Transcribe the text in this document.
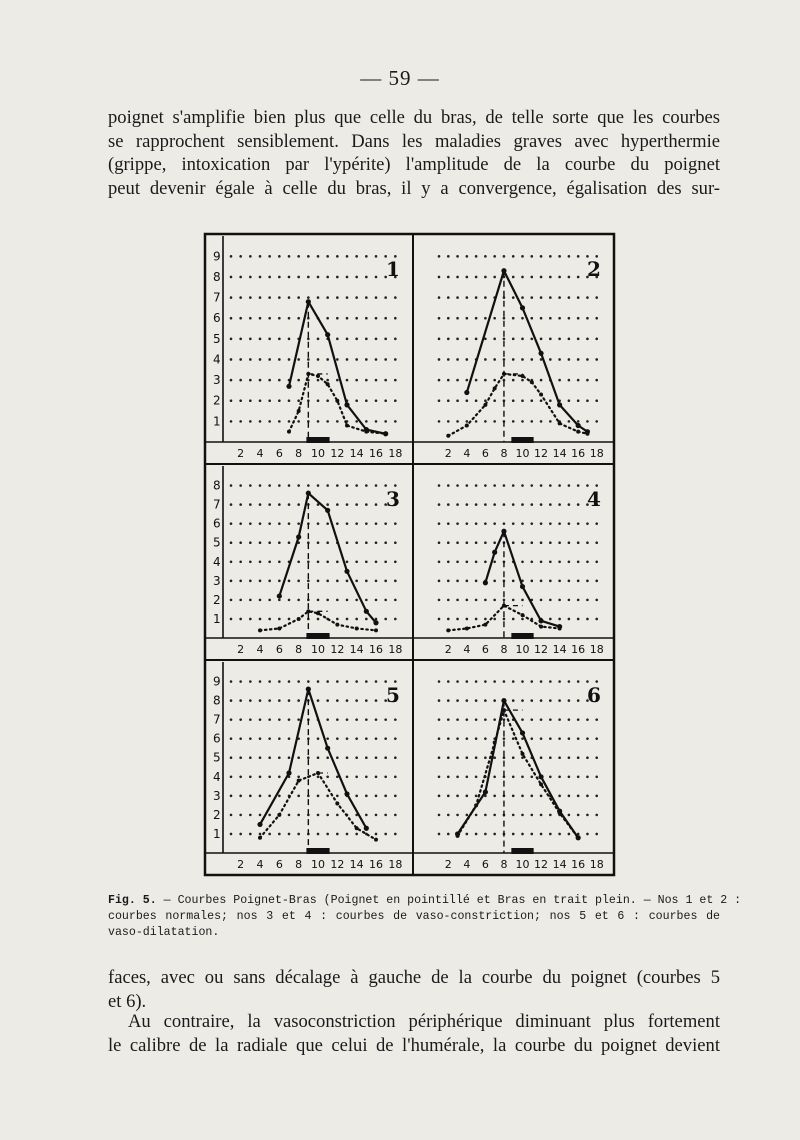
— 59 —
poignet s'amplifie bien plus que celle du bras, de telle sorte que les courbes
se rapprochent sensiblement. Dans les maladies graves avec hyperthermie
(grippe, intoxication par l'ypérite) l'amplitude de la courbe du poignet
peut devenir égale à celle du bras, il y a convergence, égalisation des sur-
2 4 6 8 10 12 14 16 18
9
8
7
6
5
4
3
2
1
1
2 4 6 8 10 12 14 16 18
2
2 4 6 8 10 12 14 16 18
8
7
6
5
4
3
2
1
3
2 4 6 8 10 12 14 16 18
4
2 4 6 8 10 12 14 16 18
9
8
7
6
5
4
3
2
1
5
2 4 6 8 10 12 14 16 18
6
Fig. 5. — Courbes Poignet-Bras (Poignet en pointillé et Bras en trait plein. — Nos 1 et 2 :
courbes normales; nos 3 et 4 : courbes de vaso-constriction; nos 5 et 6 : courbes de
vaso-dilatation.
faces, avec ou sans décalage à gauche de la courbe du poignet (courbes 5
et 6).
Au contraire, la vasoconstriction périphérique diminuant plus fortement
le calibre de la radiale que celui de l'humérale, la courbe du poignet devient
